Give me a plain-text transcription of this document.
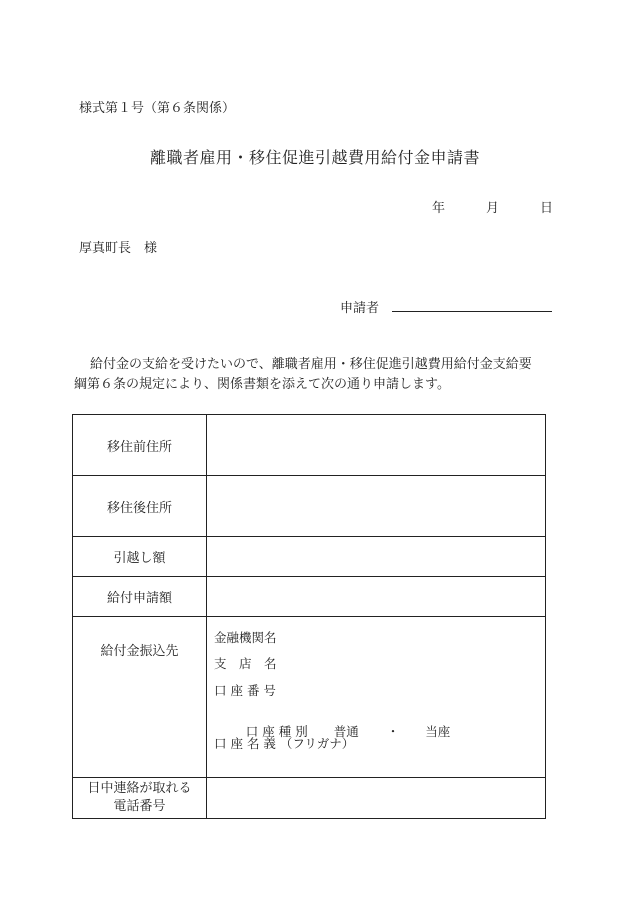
様式第１号（第６条関係）
離職者雇用・移住促進引越費用給付金申請書
年	月	日
厚真町長　様
申請者
給付金の支給を受けたいので、離職者雇用・移住促進引越費用給付金支給要
綱第６条の規定により、関係書類を添えて次の通り申請します。
移住前住所	
移住後住所	
引越し額	
給付申請額	
給付金振込先	金融機関名
支　店　名
口 座 番 号

口 座 種 別 普通 ・ 当座

口 座 名 義 （フリガナ）

日中連絡が取れる
電話番号	
